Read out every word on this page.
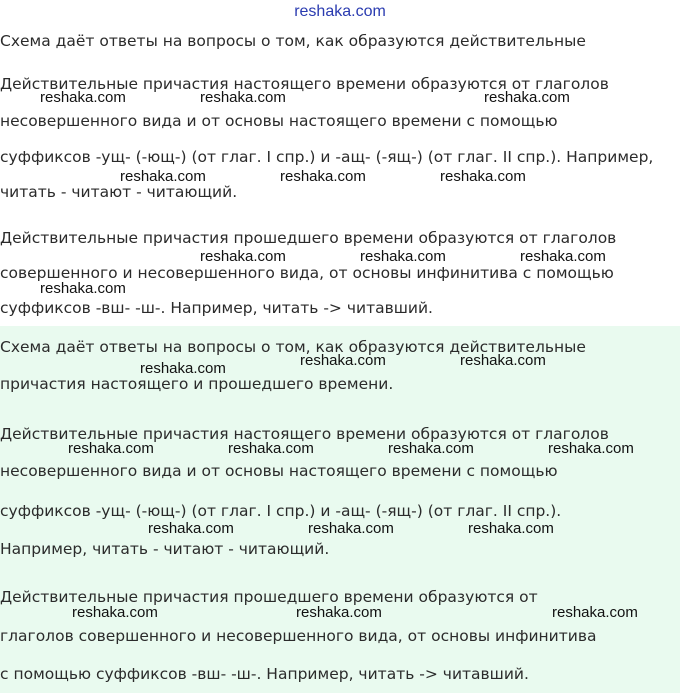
reshaka.com
Схема даёт ответы на вопросы о том, как образуются действительные
Действительные причастия настоящего времени образуются от глаголов
несовершенного вида и от основы настоящего времени с помощью
суффиксов -ущ- (-ющ-) (от глаг. I спр.) и -ащ- (-ящ-) (от глаг. II спр.). Например,
читать - читают - читающий.
Действительные причастия прошедшего времени образуются от глаголов
совершенного и несовершенного вида, от основы инфинитива с помощью
суффиксов -вш- -ш-. Например, читать -> читавший.
Схема даёт ответы на вопросы о том, как образуются действительные
причастия настоящего и прошедшего времени.
Действительные причастия настоящего времени образуются от глаголов
несовершенного вида и от основы настоящего времени с помощью
суффиксов -ущ- (-ющ-) (от глаг. I спр.) и -ащ- (-ящ-) (от глаг. II спр.).
Например, читать - читают - читающий.
Действительные причастия прошедшего времени образуются от
глаголов совершенного и несовершенного вида, от основы инфинитива
с помощью суффиксов -вш- -ш-. Например, читать -> читавший.
reshaka.com	reshaka.com	reshaka.com
reshaka.com	reshaka.com	reshaka.com
reshaka.com	reshaka.com	reshaka.com
reshaka.com
reshaka.com	reshaka.com
reshaka.com
reshaka.com	reshaka.com	reshaka.com	reshaka.com
reshaka.com	reshaka.com	reshaka.com
reshaka.com	reshaka.com	reshaka.com
